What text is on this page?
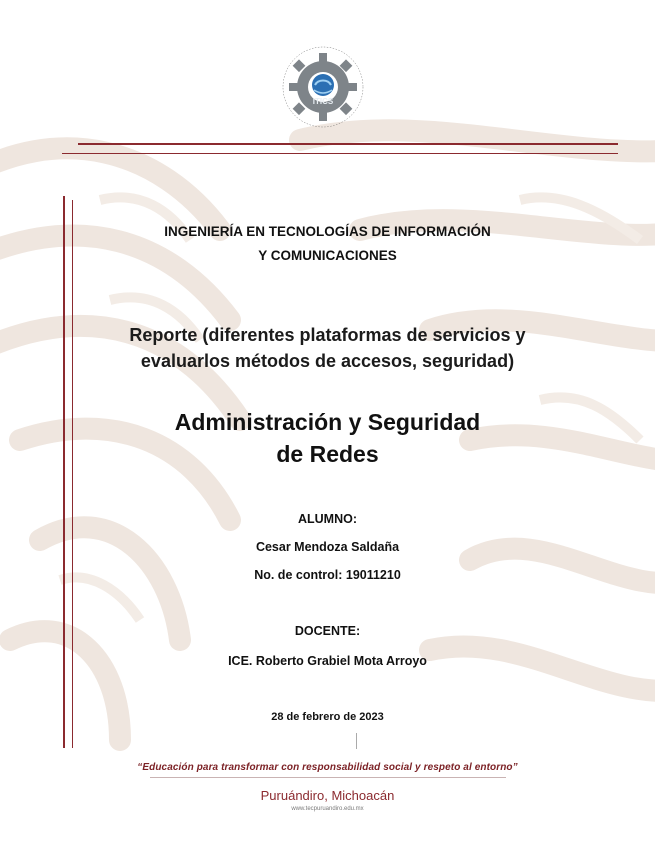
ITICS
INGENIERÍA EN TECNOLOGÍAS DE INFORMACIÓN
Y COMUNICACIONES
Reporte (diferentes plataformas de servicios y
evaluarlos métodos de accesos, seguridad)
Administración y Seguridad
de Redes
ALUMNO:
Cesar Mendoza Saldaña
No. de control: 19011210
DOCENTE:
ICE. Roberto Grabiel Mota Arroyo
28 de febrero de 2023
“Educación para transformar con responsabilidad social y respeto al entorno”
Puruándiro, Michoacán
www.tecpuruandiro.edu.mx
